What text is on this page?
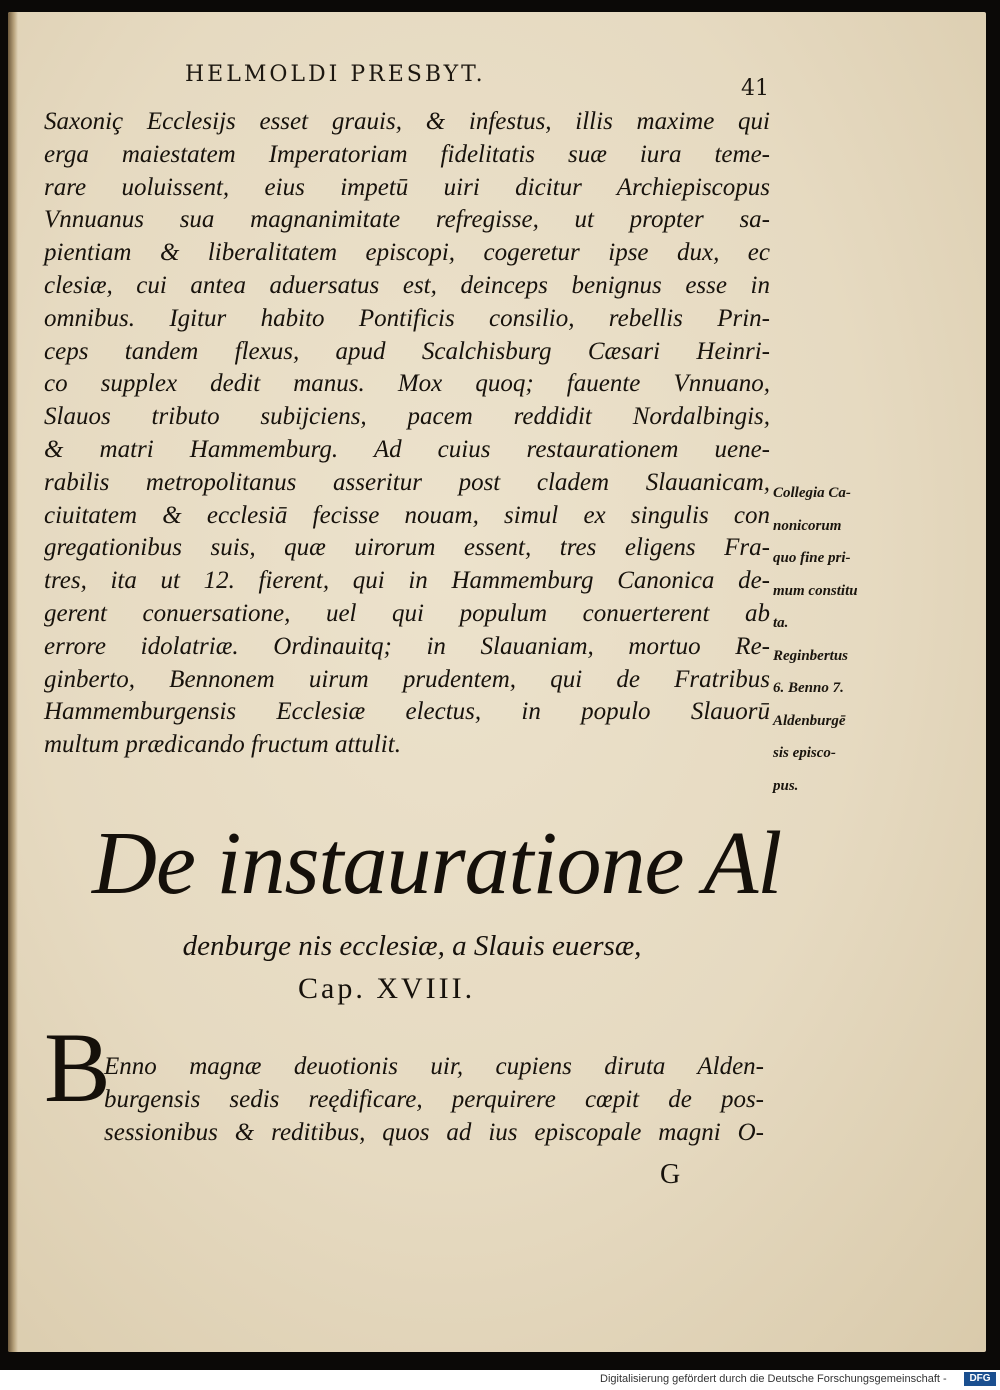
HELMOLDI PRESBYT.
41
Saxoniç Ecclesijs esset grauis, & infestus, illis maxime qui
erga maiestatem Imperatoriam fidelitatis suæ iura teme-
rare uoluissent, eius impetū uiri dicitur Archiepiscopus
Vnnuanus sua magnanimitate refregisse, ut propter sa-
pientiam & liberalitatem episcopi, cogeretur ipse dux, ec
clesiæ, cui antea aduersatus est, deinceps benignus esse in
omnibus. Igitur habito Pontificis consilio, rebellis Prin-
ceps tandem flexus, apud Scalchisburg Cæsari Heinri-
co supplex dedit manus. Mox quoq; fauente Vnnuano,
Slauos tributo subijciens, pacem reddidit Nordalbingis,
& matri Hammemburg. Ad cuius restaurationem uene-
rabilis metropolitanus asseritur post cladem Slauanicam,
ciuitatem & ecclesiā fecisse nouam, simul ex singulis con
gregationibus suis, quæ uirorum essent, tres eligens Fra-
tres, ita ut 12. fierent, qui in Hammemburg Canonica de-
gerent conuersatione, uel qui populum conuerterent ab
errore idolatriæ. Ordinauitq; in Slauaniam, mortuo Re-
ginberto, Bennonem uirum prudentem, qui de Fratribus
Hammemburgensis Ecclesiæ electus, in populo Slauorū
multum prædicando fructum attulit.
Collegia Ca-
nonicorum
quo fine pri-
mum constitu
ta.
Reginbertus
6. Benno 7.
Aldenburgē
sis episco-
pus.
De instauratione Al
denburge nis ecclesiæ, a Slauis euersæ,
Cap. XVIII.
B
Enno magnæ deuotionis uir, cupiens diruta Alden-
burgensis sedis reędificare, perquirere cœpit de pos-
sessionibus & reditibus, quos ad ius episcopale magni O-
G
Digitalisierung gefördert durch die Deutsche Forschungsgemeinschaft -	DFG
